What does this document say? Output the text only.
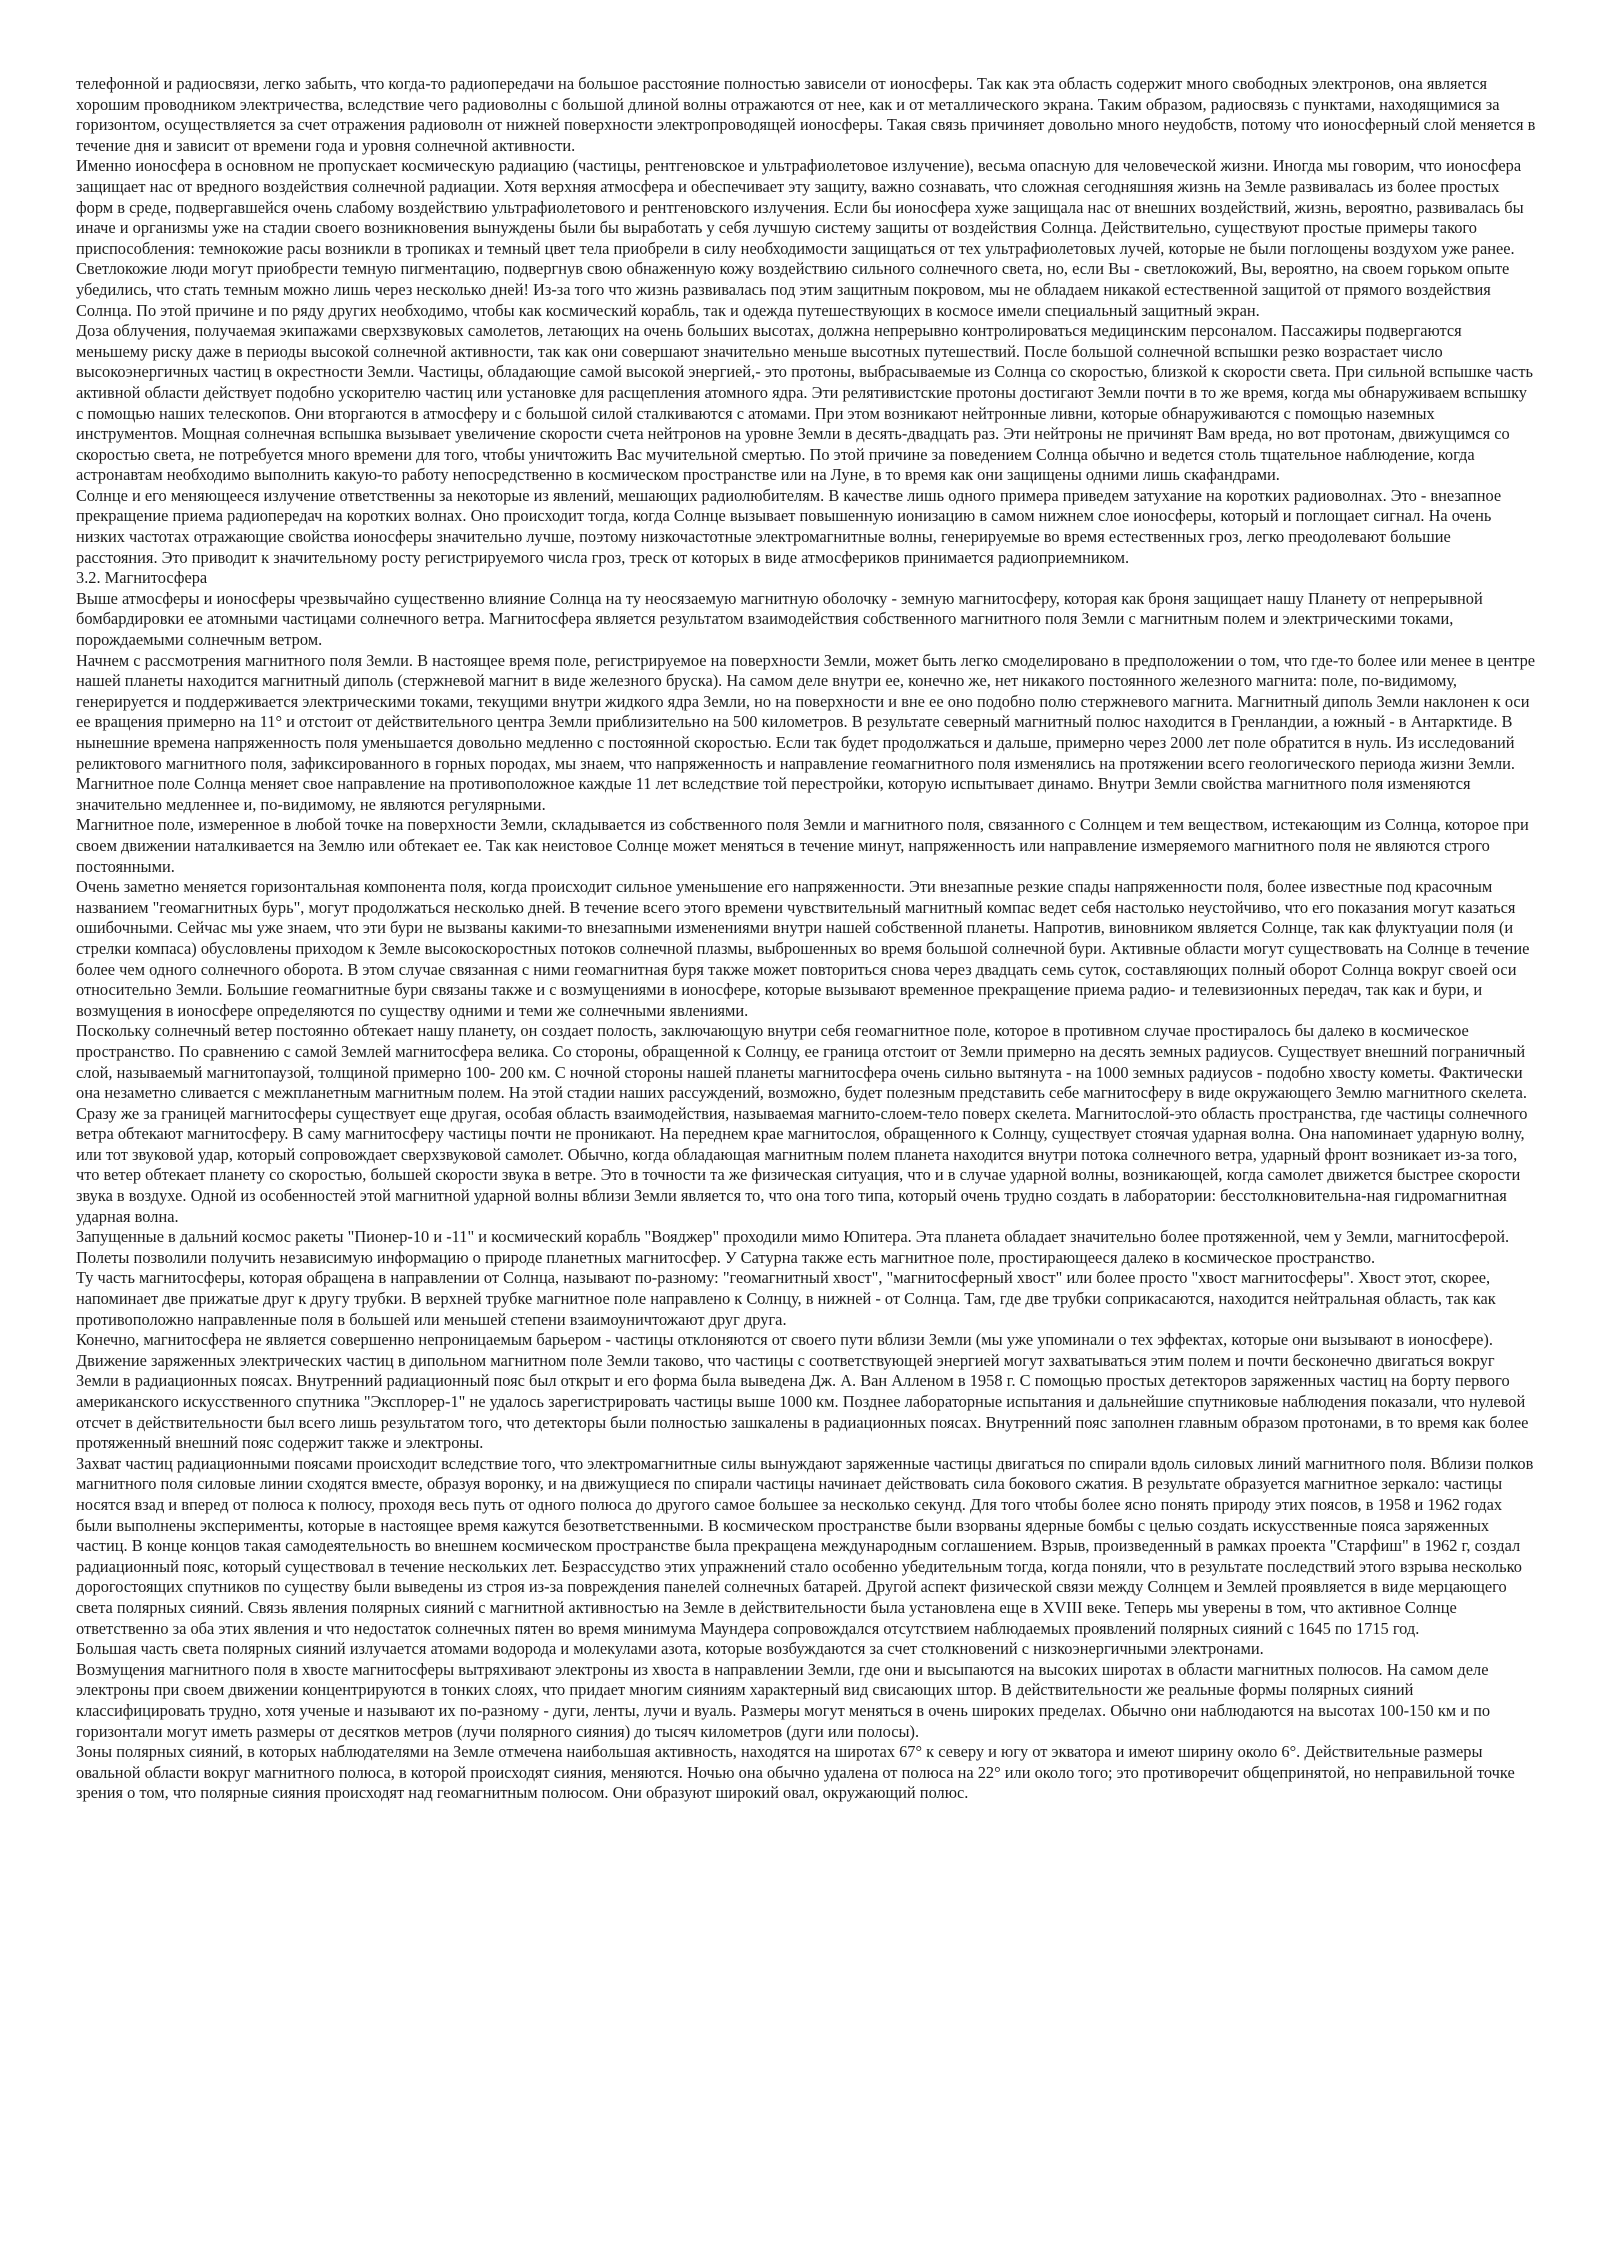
телефонной и радиосвязи, легко забыть, что когда-то радиопередачи на большое расстояние полностью зависели от ионосферы. Так как эта область содержит много свободных электронов, она является хорошим проводником электричества, вследствие чего радиоволны с большой длиной волны отражаются от нее, как и от металлического экрана. Таким образом, радиосвязь с пунктами, находящимися за горизонтом, осуществляется за счет отражения радиоволн от нижней поверхности электропроводящей ионосферы. Такая связь причиняет довольно много неудобств, потому что ионосферный слой меняется в течение дня и зависит от времени года и уровня солнечной активности.

Именно ионосфера в основном не пропускает космическую радиацию (частицы, рентгеновское и ультрафиолетовое излучение), весьма опасную для человеческой жизни. Иногда мы говорим, что ионосфера защищает нас от вредного воздействия солнечной радиации. Хотя верхняя атмосфера и обеспечивает эту защиту, важно сознавать, что сложная сегодняшняя жизнь на Земле развивалась из более простых форм в среде, подвергавшейся очень слабому воздействию ультрафиолетового и рентгеновского излучения. Если бы ионосфера хуже защищала нас от внешних воздействий, жизнь, вероятно, развивалась бы иначе и организмы уже на стадии своего возникновения вынуждены были бы выработать у себя лучшую систему защиты от воздействия Солнца. Действительно, существуют простые примеры такого приспособления: темнокожие расы возникли в тропиках и темный цвет тела приобрели в силу необходимости защищаться от тех ультрафиолетовых лучей, которые не были поглощены воздухом уже ранее. Светлокожие люди могут приобрести темную пигментацию, подвергнув свою обнаженную кожу воздействию сильного солнечного света, но, если Вы - светлокожий, Вы, вероятно, на своем горьком опыте убедились, что стать темным можно лишь через несколько дней! Из-за того что жизнь развивалась под этим защитным покровом, мы не обладаем никакой естественной защитой от прямого воздействия Солнца. По этой причине и по ряду других необходимо, чтобы как космический корабль, так и одежда путешествующих в космосе имели специальный защитный экран.

Доза облучения, получаемая экипажами сверхзвуковых самолетов, летающих на очень больших высотах, должна непрерывно контролироваться медицинским персоналом. Пассажиры подвергаются меньшему риску даже в периоды высокой солнечной активности, так как они совершают значительно меньше высотных путешествий. После большой солнечной вспышки резко возрастает число высокоэнергичных частиц в окрестности Земли. Частицы, обладающие самой высокой энергией,- это протоны, выбрасываемые из Солнца со скоростью, близкой к скорости света. При сильной вспышке часть активной области действует подобно ускорителю частиц или установке для расщепления атомного ядра. Эти релятивистские протоны достигают Земли почти в то же время, когда мы обнаруживаем вспышку с помощью наших телескопов. Они вторгаются в атмосферу и с большой силой сталкиваются с атомами. При этом возникают нейтронные ливни, которые обнаруживаются с помощью наземных инструментов. Мощная солнечная вспышка вызывает увеличение скорости счета нейтронов на уровне Земли в десять-двадцать раз. Эти нейтроны не причинят Вам вреда, но вот протонам, движущимся со скоростью света, не потребуется много времени для того, чтобы уничтожить Вас мучительной смертью. По этой причине за поведением Солнца обычно и ведется столь тщательное наблюдение, когда астронавтам необходимо выполнить какую-то работу непосредственно в космическом пространстве или на Луне, в то время как они защищены одними лишь скафандрами.

Солнце и его меняющееся излучение ответственны за некоторые из явлений, мешающих радиолюбителям. В качестве лишь одного примера приведем затухание на коротких радиоволнах. Это - внезапное прекращение приема радиопередач на коротких волнах. Оно происходит тогда, когда Солнце вызывает повышенную ионизацию в самом нижнем слое ионосферы, который и поглощает сигнал. На очень низких частотах отражающие свойства ионосферы значительно лучше, поэтому низкочастотные электромагнитные волны, генерируемые во время естественных гроз, легко преодолевают большие расстояния. Это приводит к значительному росту регистрируемого числа гроз, треск от которых в виде атмосфериков принимается радиоприемником.

3.2. Магнитосфера

Выше атмосферы и ионосферы чрезвычайно существенно влияние Солнца на ту неосязаемую магнитную оболочку - земную магнитосферу, которая как броня защищает нашу Планету от непрерывной бомбардировки ее атомными частицами солнечного ветра. Магнитосфера является результатом взаимодействия собственного магнитного поля Земли с магнитным полем и электрическими токами, порождаемыми солнечным ветром.

Начнем с рассмотрения магнитного поля Земли. В настоящее время поле, регистрируемое на поверхности Земли, может быть легко смоделировано в предположении о том, что где-то более или менее в центре нашей планеты находится магнитный диполь (стержневой магнит в виде железного бруска). На самом деле внутри ее, конечно же, нет никакого постоянного железного магнита: поле, по-видимому, генерируется и поддерживается электрическими токами, текущими внутри жидкого ядра Земли, но на поверхности и вне ее оно подобно полю стержневого магнита. Магнитный диполь Земли наклонен к оси ее вращения примерно на 11° и отстоит от действительного центра Земли приблизительно на 500 километров. В результате северный магнитный полюс находится в Гренландии, а южный - в Антарктиде. В нынешние времена напряженность поля уменьшается довольно медленно с постоянной скоростью. Если так будет продолжаться и дальше, примерно через 2000 лет поле обратится в нуль. Из исследований реликтового магнитного поля, зафиксированного в горных породах, мы знаем, что напряженность и направление геомагнитного поля изменялись на протяжении всего геологического периода жизни Земли. Магнитное поле Солнца меняет свое направление на противоположное каждые 11 лет вследствие той перестройки, которую испытывает динамо. Внутри Земли свойства магнитного поля изменяются значительно медленнее и, по-видимому, не являются регулярными.

Магнитное поле, измеренное в любой точке на поверхности Земли, складывается из собственного поля Земли и магнитного поля, связанного с Солнцем и тем веществом, истекающим из Солнца, которое при своем движении наталкивается на Землю или обтекает ее. Так как неистовое Солнце может меняться в течение минут, напряженность или направление измеряемого магнитного поля не являются строго постоянными.

Очень заметно меняется горизонтальная компонента поля, когда происходит сильное уменьшение его напряженности. Эти внезапные резкие спады напряженности поля, более известные под красочным названием "геомагнитных бурь", могут продолжаться несколько дней. В течение всего этого времени чувствительный магнитный компас ведет себя настолько неустойчиво, что его показания могут казаться ошибочными. Сейчас мы уже знаем, что эти бури не вызваны какими-то внезапными изменениями внутри нашей собственной планеты. Напротив, виновником является Солнце, так как флуктуации поля (и стрелки компаса) обусловлены приходом к Земле высокоскоростных потоков солнечной плазмы, выброшенных во время большой солнечной бури. Активные области могут существовать на Солнце в течение более чем одного солнечного оборота. В этом случае связанная с ними геомагнитная буря также может повториться снова через двадцать семь суток, составляющих полный оборот Солнца вокруг своей оси относительно Земли. Большие геомагнитные бури связаны также и с возмущениями в ионосфере, которые вызывают временное прекращение приема радио- и телевизионных передач, так как и бури, и возмущения в ионосфере определяются по существу одними и теми же солнечными явлениями.

Поскольку солнечный ветер постоянно обтекает нашу планету, он создает полость, заключающую внутри себя геомагнитное поле, которое в противном случае простиралось бы далеко в космическое пространство. По сравнению с самой Землей магнитосфера велика. Со стороны, обращенной к Солнцу, ее граница отстоит от Земли примерно на десять земных радиусов. Существует внешний пограничный слой, называемый магнитопаузой, толщиной примерно 100- 200 км. С ночной стороны нашей планеты магнитосфера очень сильно вытянута - на 1000 земных радиусов - подобно хвосту кометы. Фактически она незаметно сливается с межпланетным магнитным полем. На этой стадии наших рассуждений, возможно, будет полезным представить себе магнитосферу в виде окружающего Землю магнитного скелета. Сразу же за границей магнитосферы существует еще другая, особая область взаимодействия, называемая магнито-слоем-тело поверх скелета. Магнитослой-это область пространства, где частицы солнечного ветра обтекают магнитосферу. В саму магнитосферу частицы почти не проникают. На переднем крае магнитослоя, обращенного к Солнцу, существует стоячая ударная волна. Она напоминает ударную волну, или тот звуковой удар, который сопровождает сверхзвуковой самолет. Обычно, когда обладающая магнитным полем планета находится внутри потока солнечного ветра, ударный фронт возникает из-за того, что ветер обтекает планету со скоростью, большей скорости звука в ветре. Это в точности та же физическая ситуация, что и в случае ударной волны, возникающей, когда самолет движется быстрее скорости звука в воздухе. Одной из особенностей этой магнитной ударной волны вблизи Земли является то, что она того типа, который очень трудно создать в лаборатории: бесстолкновительна-ная гидромагнитная ударная волна.

Запущенные в дальний космос ракеты "Пионер-10 и -11" и космический корабль "Вояджер" проходили мимо Юпитера. Эта планета обладает значительно более протяженной, чем у Земли, магнитосферой. Полеты позволили получить независимую информацию о природе планетных магнитосфер. У Сатурна также есть магнитное поле, простирающееся далеко в космическое пространство.

Ту часть магнитосферы, которая обращена в направлении от Солнца, называют по-разному: "геомагнитный хвост", "магнитосферный хвост" или более просто "хвост магнитосферы". Хвост этот, скорее, напоминает две прижатые друг к другу трубки. В верхней трубке магнитное поле направлено к Солнцу, в нижней - от Солнца. Там, где две трубки соприкасаются, находится нейтральная область, так как противоположно направленные поля в большей или меньшей степени взаимоуничтожают друг друга.

Конечно, магнитосфера не является совершенно непроницаемым барьером - частицы отклоняются от своего пути вблизи Земли (мы уже упоминали о тех эффектах, которые они вызывают в ионосфере). Движение заряженных электрических частиц в дипольном магнитном поле Земли таково, что частицы с соответствующей энергией могут захватываться этим полем и почти бесконечно двигаться вокруг Земли в радиационных поясах. Внутренний радиационный пояс был открыт и его форма была выведена Дж. А. Ван Алленом в 1958 г. С помощью простых детекторов заряженных частиц на борту первого американского искусственного спутника "Эксплорер-1" не удалось зарегистрировать частицы выше 1000 км. Позднее лабораторные испытания и дальнейшие спутниковые наблюдения показали, что нулевой отсчет в действительности был всего лишь результатом того, что детекторы были полностью зашкалены в радиационных поясах. Внутренний пояс заполнен главным образом протонами, в то время как более протяженный внешний пояс содержит также и электроны.

Захват частиц радиационными поясами происходит вследствие того, что электромагнитные силы вынуждают заряженные частицы двигаться по спирали вдоль силовых линий магнитного поля. Вблизи полков магнитного поля силовые линии сходятся вместе, образуя воронку, и на движущиеся по спирали частицы начинает действовать сила бокового сжатия. В результате образуется магнитное зеркало: частицы носятся взад и вперед от полюса к полюсу, проходя весь путь от одного полюса до другого самое большее за несколько секунд. Для того чтобы более ясно понять природу этих поясов, в 1958 и 1962 годах были выполнены эксперименты, которые в настоящее время кажутся безответственными. В космическом пространстве были взорваны ядерные бомбы с целью создать искусственные пояса заряженных частиц. В конце концов такая самодеятельность во внешнем космическом пространстве была прекращена международным соглашением. Взрыв, произведенный в рамках проекта "Старфиш" в 1962 г, создал радиационный пояс, который существовал в течение нескольких лет. Безрассудство этих упражнений стало особенно убедительным тогда, когда поняли, что в результате последствий этого взрыва несколько дорогостоящих спутников по существу были выведены из строя из-за повреждения панелей солнечных батарей. Другой аспект физической связи между Солнцем и Землей проявляется в виде мерцающего света полярных сияний. Связь явления полярных сияний с магнитной активностью на Земле в действительности была установлена еще в XVIII веке. Теперь мы уверены в том, что активное Солнце ответственно за оба этих явления и что недостаток солнечных пятен во время минимума Маундера сопровождался отсутствием наблюдаемых проявлений полярных сияний с 1645 по 1715 год.

Большая часть света полярных сияний излучается атомами водорода и молекулами азота, которые возбуждаются за счет столкновений с низкоэнергичными электронами.

Возмущения магнитного поля в хвосте магнитосферы вытряхивают электроны из хвоста в направлении Земли, где они и высыпаются на высоких широтах в области магнитных полюсов. На самом деле электроны при своем движении концентрируются в тонких слоях, что придает многим сияниям характерный вид свисающих штор. В действительности же реальные формы полярных сияний классифицировать трудно, хотя ученые и называют их по-разному - дуги, ленты, лучи и вуаль. Размеры могут меняться в очень широких пределах. Обычно они наблюдаются на высотах 100-150 км и по горизонтали могут иметь размеры от десятков метров (лучи полярного сияния) до тысяч километров (дуги или полосы).

Зоны полярных сияний, в которых наблюдателями на Земле отмечена наибольшая активность, находятся на широтах 67° к северу и югу от экватора и имеют ширину около 6°. Действительные размеры овальной области вокруг магнитного полюса, в которой происходят сияния, меняются. Ночью она обычно удалена от полюса на 22° или около того; это противоречит общепринятой, но неправильной точке зрения о том, что полярные сияния происходят над геомагнитным полюсом. Они образуют широкий овал, окружающий полюс.
